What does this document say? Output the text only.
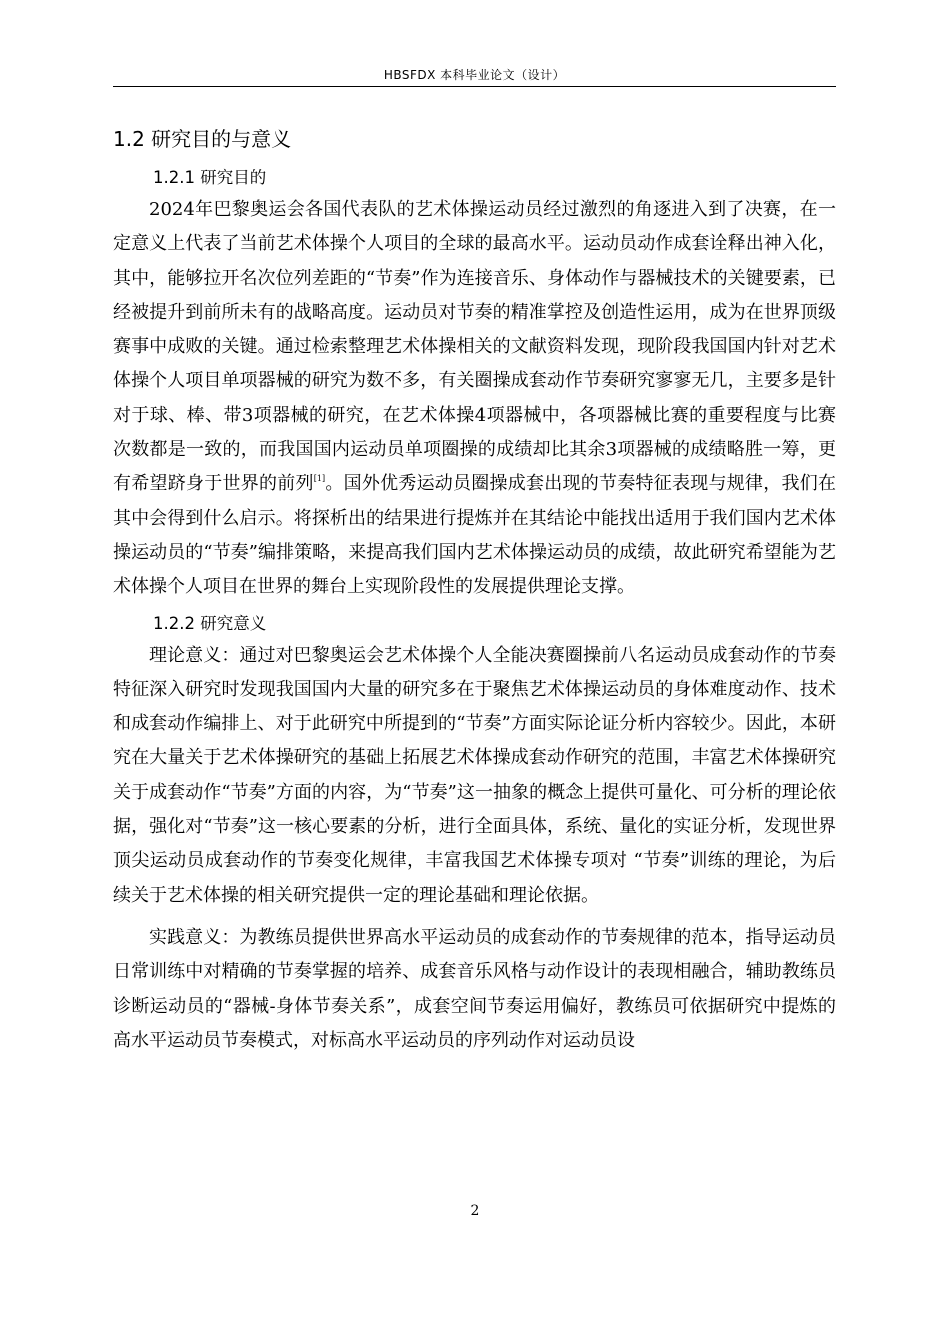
HBSFDX 本科毕业论文（设计）
1.2 研究目的与意义
1.2.1 研究目的

2024年巴黎奥运会各国代表队的艺术体操运动员经过激烈的角逐进入到了决赛，在一定意义上代表了当前艺术体操个人项目的全球的最高水平。运动员动作成套诠释出神入化，其中，能够拉开名次位列差距的“节奏”作为连接音乐、身体动作与器械技术的关键要素，已经被提升到前所未有的战略高度。运动员对节奏的精准掌控及创造性运用，成为在世界顶级赛事中成败的关键。通过检索整理艺术体操相关的文献资料发现，现阶段我国国内针对艺术体操个人项目单项器械的研究为数不多，有关圈操成套动作节奏研究寥寥无几，主要多是针对于球、棒、带3项器械的研究，在艺术体操4项器械中，各项器械比赛的重要程度与比赛次数都是一致的，而我国国内运动员单项圈操的成绩却比其余3项器械的成绩略胜一筹，更有希望跻身于世界的前列[1]。国外优秀运动员圈操成套出现的节奏特征表现与规律，我们在其中会得到什么启示。将探析出的结果进行提炼并在其结论中能找出适用于我们国内艺术体操运动员的“节奏”编排策略，来提高我们国内艺术体操运动员的成绩，故此研究希望能为艺术体操个人项目在世界的舞台上实现阶段性的发展提供理论支撑。

1.2.2 研究意义

理论意义：通过对巴黎奥运会艺术体操个人全能决赛圈操前八名运动员成套动作的节奏特征深入研究时发现我国国内大量的研究多在于聚焦艺术体操运动员的身体难度动作、技术和成套动作编排上、对于此研究中所提到的“节奏”方面实际论证分析内容较少。因此，本研究在大量关于艺术体操研究的基础上拓展艺术体操成套动作研究的范围，丰富艺术体操研究关于成套动作“节奏”方面的内容，为“节奏”这一抽象的概念上提供可量化、可分析的理论依据，强化对“节奏”这一核心要素的分析，进行全面具体，系统、量化的实证分析，发现世界顶尖运动员成套动作的节奏变化规律，丰富我国艺术体操专项对 “节奏”训练的理论，为后续关于艺术体操的相关研究提供一定的理论基础和理论依据。

实践意义：为教练员提供世界高水平运动员的成套动作的节奏规律的范本，指导运动员日常训练中对精确的节奏掌握的培养、成套音乐风格与动作设计的表现相融合，辅助教练员诊断运动员的“器械-身体节奏关系”，成套空间节奏运用偏好，教练员可依据研究中提炼的高水平运动员节奏模式，对标高水平运动员的序列动作对运动员设

2
